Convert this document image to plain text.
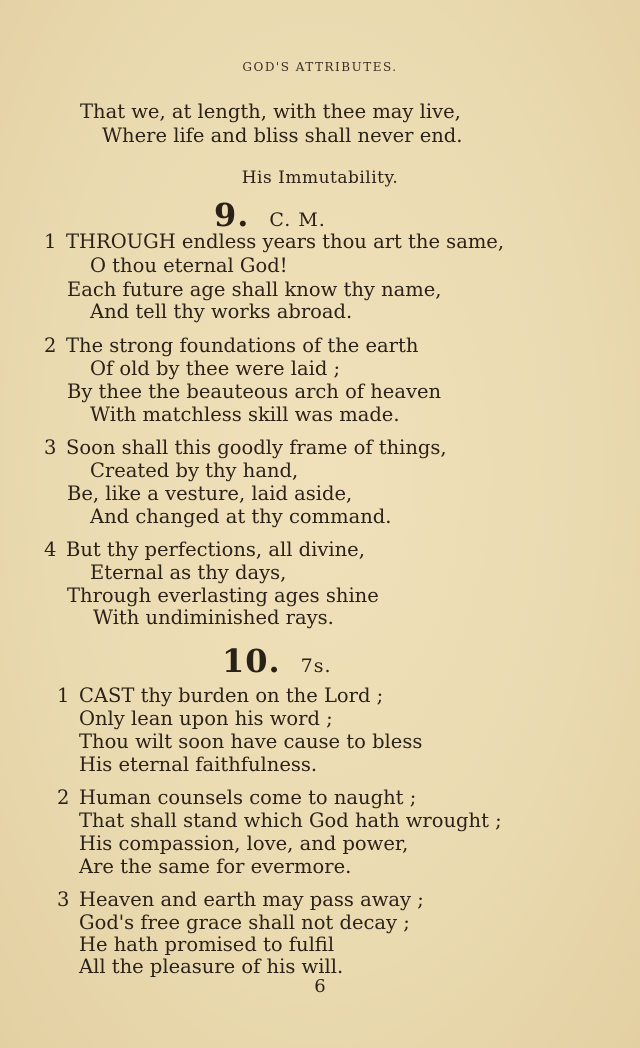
GOD'S ATTRIBUTES.
That we, at length, with thee may live,
Where life and bliss shall never end.
His Immutability.
9. C. M.
1 THROUGH endless years thou art the same,
O thou eternal God!
Each future age shall know thy name,
And tell thy works abroad.
2 The strong foundations of the earth
Of old by thee were laid ;
By thee the beauteous arch of heaven
With matchless skill was made.
3 Soon shall this goodly frame of things,
Created by thy hand,
Be, like a vesture, laid aside,
And changed at thy command.
4 But thy perfections, all divine,
Eternal as thy days,
Through everlasting ages shine
With undiminished rays.
10. 7s.
1 CAST thy burden on the Lord ;
Only lean upon his word ;
Thou wilt soon have cause to bless
His eternal faithfulness.
2 Human counsels come to naught ;
That shall stand which God hath wrought ;
His compassion, love, and power,
Are the same for evermore.
3 Heaven and earth may pass away ;
God's free grace shall not decay ;
He hath promised to fulfil
All the pleasure of his will.
6
